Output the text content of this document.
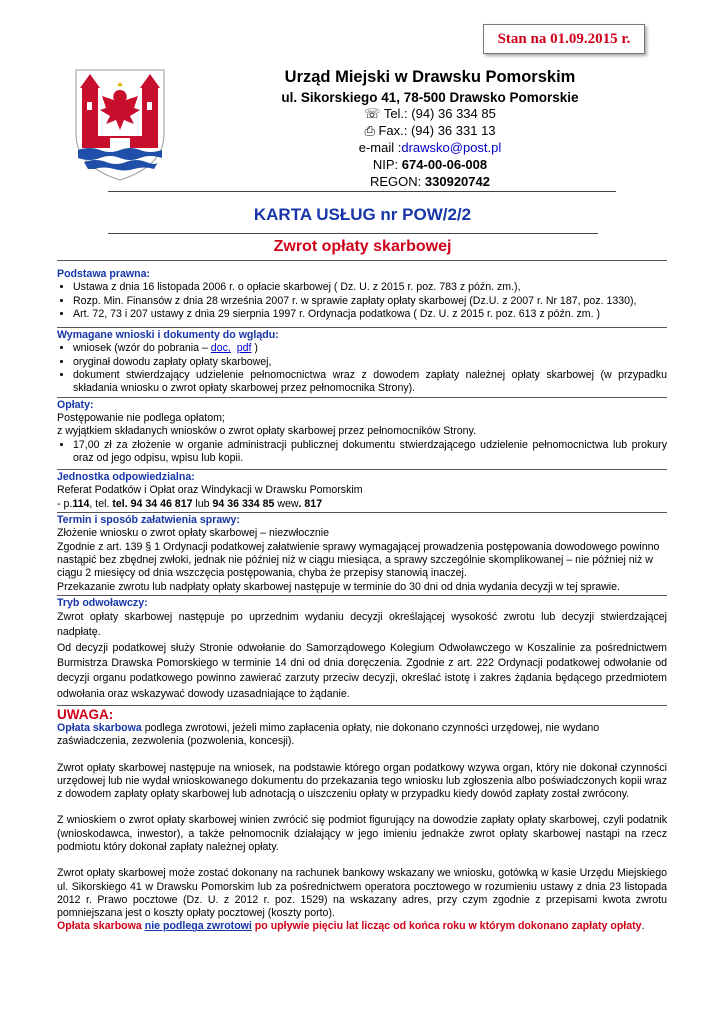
Stan na 01.09.2015 r.
Urząd Miejski w Drawsku Pomorskim
ul. Sikorskiego 41, 78-500 Drawsko Pomorskie
☏ Tel.: (94) 36 334 85
⎙ Fax.: (94) 36 331 13
e-mail :drawsko@post.pl
NIP: 674-00-06-008
REGON: 330920742
KARTA USŁUG nr POW/2/2
Zwrot opłaty skarbowej
Podstawa prawna:
• Ustawa z dnia 16 listopada 2006 r. o opłacie skarbowej ( Dz. U. z 2015 r. poz. 783 z późn. zm.),
• Rozp. Min. Finansów z dnia 28 września 2007 r. w sprawie zapłaty opłaty skarbowej (Dz.U. z 2007 r. Nr 187, poz. 1330),
• Art. 72, 73 i 207 ustawy z dnia 29 sierpnia 1997 r. Ordynacja podatkowa ( Dz. U. z 2015 r. poz. 613 z późn. zm. )
Wymagane wnioski i dokumenty do wglądu:
• wniosek (wzór do pobrania – doc, pdf )
• oryginał dowodu zapłaty opłaty skarbowej,
• dokument stwierdzający udzielenie pełnomocnictwa wraz z dowodem zapłaty należnej opłaty skarbowej (w przypadku składania wniosku o zwrot opłaty skarbowej przez pełnomocnika Strony).
Opłaty:
Postępowanie nie podlega opłatom;
z wyjątkiem składanych wniosków o zwrot opłaty skarbowej przez pełnomocników Strony.
• 17,00 zł za złożenie w organie administracji publicznej dokumentu stwierdzającego udzielenie pełnomocnictwa lub prokury oraz od jego odpisu, wpisu lub kopii.
Jednostka odpowiedzialna:
Referat Podatków i Opłat oraz Windykacji w Drawsku Pomorskim
- p.114, tel. tel. 94 34 46 817 lub 94 36 334 85 wew. 817
Termin i sposób załatwienia sprawy:
Złożenie wniosku o zwrot opłaty skarbowej – niezwłocznie
Zgodnie z art. 139 § 1 Ordynacji podatkowej załatwienie sprawy wymagającej prowadzenia postępowania dowodowego powinno nastąpić bez zbędnej zwłoki, jednak nie później niż w ciągu miesiąca, a sprawy szczególnie skomplikowanej – nie później niż w ciągu 2 miesięcy od dnia wszczęcia postępowania, chyba że przepisy stanowią inaczej.
Przekazanie zwrotu lub nadpłaty opłaty skarbowej następuje w terminie do 30 dni od dnia wydania decyzji w tej sprawie.
Tryb odwoławczy:
Zwrot opłaty skarbowej następuje po uprzednim wydaniu decyzji określającej wysokość zwrotu lub decyzji stwierdzającej nadpłatę.
Od decyzji podatkowej służy Stronie odwołanie do Samorządowego Kolegium Odwoławczego w Koszalinie za pośrednictwem Burmistrza Drawska Pomorskiego w terminie 14 dni od dnia doręczenia. Zgodnie z art. 222 Ordynacji podatkowej odwołanie od decyzji organu podatkowego powinno zawierać zarzuty przeciw decyzji, określać istotę i zakres żądania będącego przedmiotem odwołania oraz wskazywać dowody uzasadniające to żądanie.
UWAGA:
Opłata skarbowa podlega zwrotowi, jeżeli mimo zapłacenia opłaty, nie dokonano czynności urzędowej, nie wydano zaświadczenia, zezwolenia (pozwolenia, koncesji).
Zwrot opłaty skarbowej następuje na wniosek, na podstawie którego organ podatkowy wzywa organ, który nie dokonał czynności urzędowej lub nie wydał wnioskowanego dokumentu do przekazania tego wniosku lub zgłoszenia albo poświadczonych kopii wraz z dowodem zapłaty opłaty skarbowej lub adnotacją o uiszczeniu opłaty w przypadku kiedy dowód zapłaty został zwrócony.
Z wnioskiem o zwrot opłaty skarbowej winien zwrócić się podmiot figurujący na dowodzie zapłaty opłaty skarbowej, czyli podatnik (wnioskodawca, inwestor), a także pełnomocnik działający w jego imieniu jednakże zwrot opłaty skarbowej nastąpi na rzecz podmiotu który dokonał zapłaty należnej opłaty.
Zwrot opłaty skarbowej może zostać dokonany na rachunek bankowy wskazany we wniosku, gotówką w kasie Urzędu Miejskiego ul. Sikorskiego 41 w Drawsku Pomorskim lub za pośrednictwem operatora pocztowego w rozumieniu ustawy z dnia 23 listopada 2012 r. Prawo pocztowe (Dz. U. z 2012 r. poz. 1529) na wskazany adres, przy czym zgodnie z przepisami kwota zwrotu pomniejszana jest o koszty opłaty pocztowej (koszty porto).
Opłata skarbowa nie podlega zwrotowi po upływie pięciu lat licząc od końca roku w którym dokonano zapłaty opłaty.
